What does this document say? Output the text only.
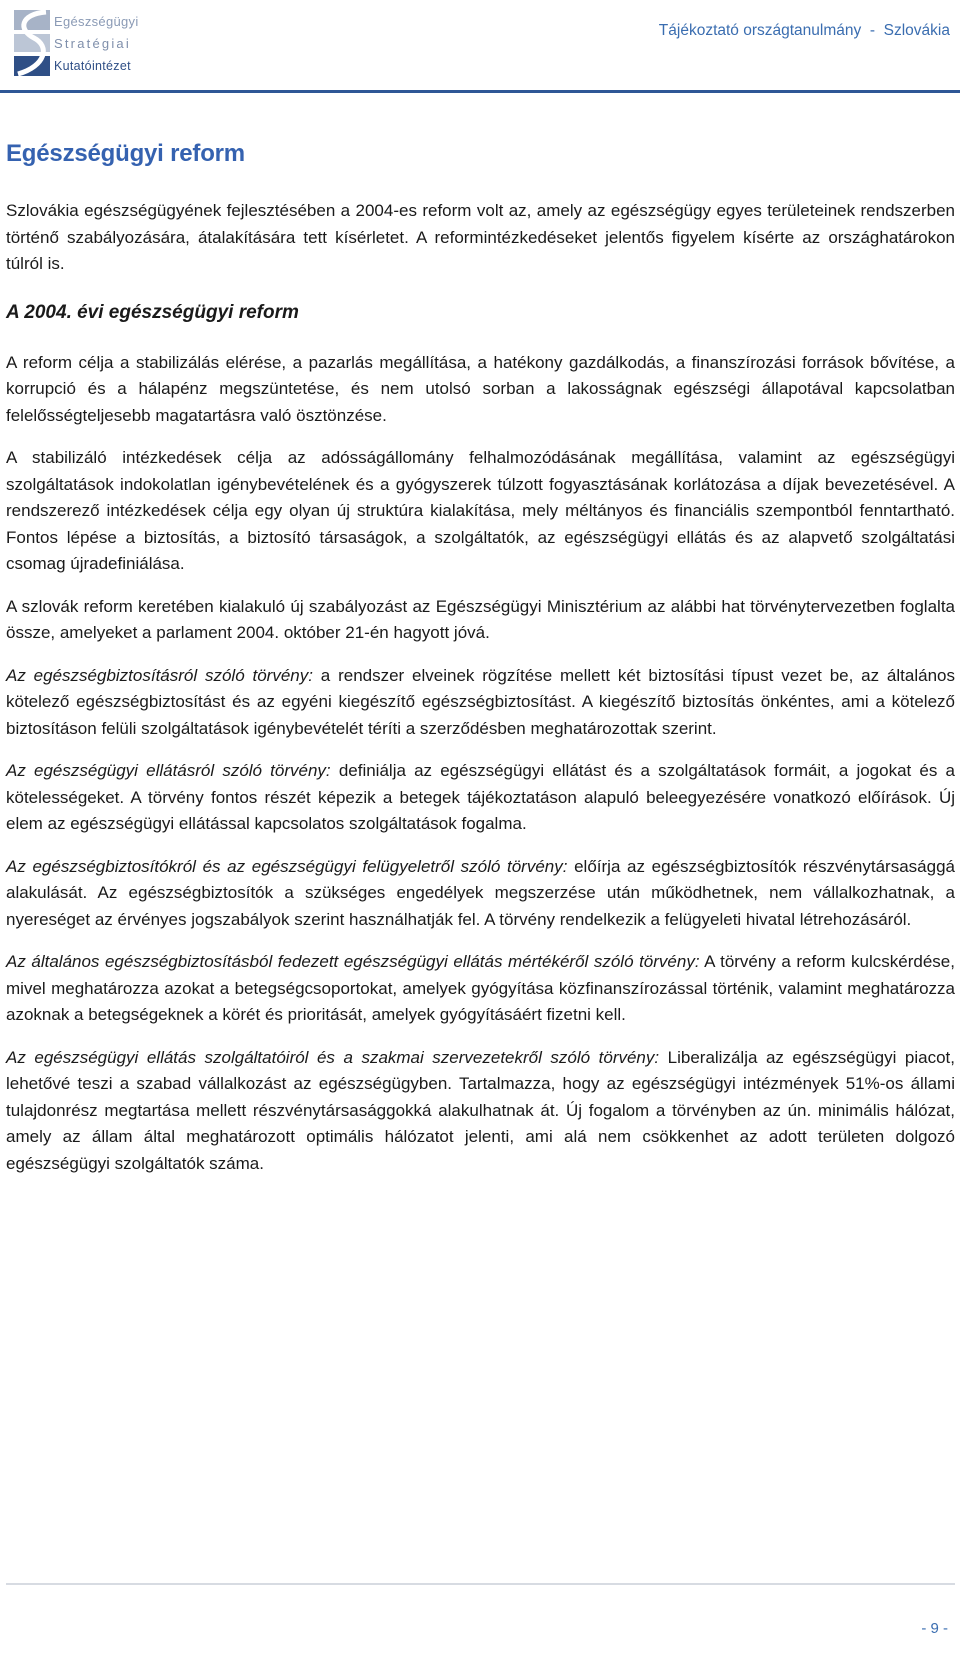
Egészségügyi
Stratégiai
Kutatóintézet
Tájékoztató országtanulmány  -  Szlovákia
Egészségügyi reform

Szlovákia egészségügyének fejlesztésében a 2004-es reform volt az, amely az egészségügy egyes területeinek rendszerben történő szabályozására, átalakítására tett kísérletet. A reformintézkedéseket jelentős figyelem kísérte az országhatárokon túlról is.

A 2004. évi egészségügyi reform

A reform célja a stabilizálás elérése, a pazarlás megállítása, a hatékony gazdálkodás, a finanszírozási források bővítése, a korrupció és a hálapénz megszüntetése, és nem utolsó sorban a lakosságnak egészségi állapotával kapcsolatban felelősségteljesebb magatartásra való ösztönzése.

A stabilizáló intézkedések célja az adósságállomány felhalmozódásának megállítása, valamint az egészségügyi szolgáltatások indokolatlan igénybevételének és a gyógyszerek túlzott fogyasztásának korlátozása a díjak bevezetésével. A rendszerező intézkedések célja egy olyan új struktúra kialakítása, mely méltányos és financiális szempontból fenntartható. Fontos lépése a biztosítás, a biztosító társaságok, a szolgáltatók, az egészségügyi ellátás és az alapvető szolgáltatási csomag újradefiniálása.

A szlovák reform keretében kialakuló új szabályozást az Egészségügyi Minisztérium az alábbi hat törvénytervezetben foglalta össze, amelyeket a parlament 2004. október 21-én hagyott jóvá.

Az egészségbiztosításról szóló törvény: a rendszer elveinek rögzítése mellett két biztosítási típust vezet be, az általános kötelező egészségbiztosítást és az egyéni kiegészítő egészségbiztosítást. A kiegészítő biztosítás önkéntes, ami a kötelező biztosításon felüli szolgáltatások igénybevételét téríti a szerződésben meghatározottak szerint.

Az egészségügyi ellátásról szóló törvény: definiálja az egészségügyi ellátást és a szolgáltatások formáit, a jogokat és a kötelességeket. A törvény fontos részét képezik a betegek tájékoztatáson alapuló beleegyezésére vonatkozó előírások. Új elem az egészségügyi ellátással kapcsolatos szolgáltatások fogalma.

Az egészségbiztosítókról és az egészségügyi felügyeletről szóló törvény: előírja az egészségbiztosítók részvénytársasággá alakulását. Az egészségbiztosítók a szükséges engedélyek megszerzése után működhetnek, nem vállalkozhatnak, a nyereséget az érvényes jogszabályok szerint használhatják fel. A törvény rendelkezik a felügyeleti hivatal létrehozásáról.

Az általános egészségbiztosításból fedezett egészségügyi ellátás mértékéről szóló törvény: A törvény a reform kulcskérdése, mivel meghatározza azokat a betegségcsoportokat, amelyek gyógyítása közfinanszírozással történik, valamint meghatározza azoknak a betegségeknek a körét és prioritását, amelyek gyógyításáért fizetni kell.

Az egészségügyi ellátás szolgáltatóiról és a szakmai szervezetekről szóló törvény: Liberalizálja az egészségügyi piacot, lehetővé teszi a szabad vállalkozást az egészségügyben. Tartalmazza, hogy az egészségügyi intézmények 51%-os állami tulajdonrész megtartása mellett részvénytársasággokká alakulhatnak át. Új fogalom a törvényben az ún. minimális hálózat, amely az állam által meghatározott optimális hálózatot jelenti, ami alá nem csökkenhet az adott területen dolgozó egészségügyi szolgáltatók száma.

- 9 -
